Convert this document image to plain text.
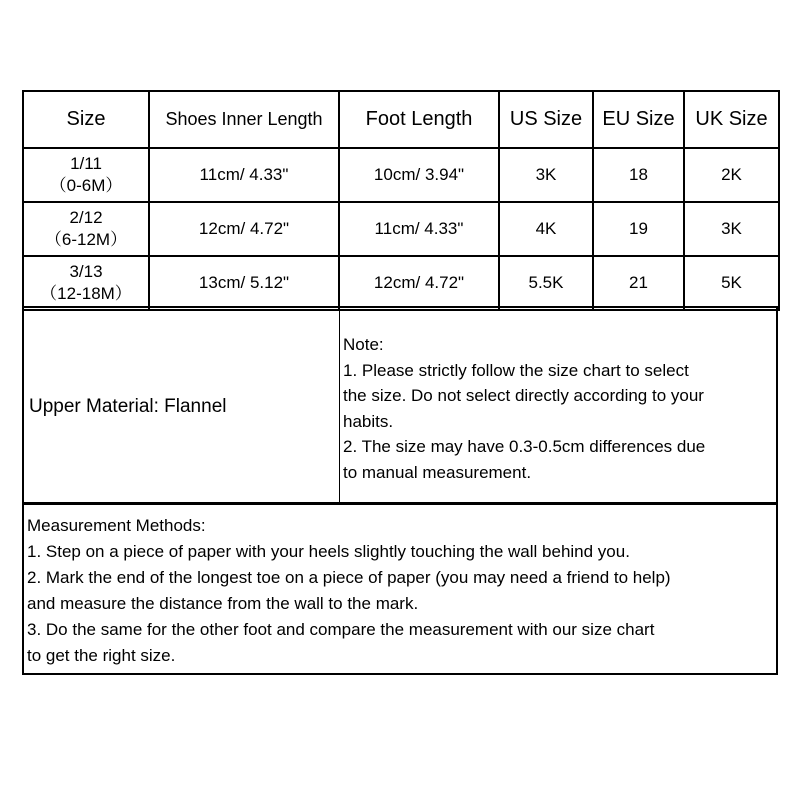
Size	Shoes Inner Length	Foot Length	US Size	EU Size	UK Size

1/11
（0-6M）	11cm/ 4.33"	10cm/ 3.94"	3K	18	2K

2/12
（6-12M）	12cm/ 4.72"	11cm/ 4.33"	4K	19	3K

3/13
（12-18M）	13cm/ 5.12"	12cm/ 4.72"	5.5K	21	5K
Upper Material: Flannel
Note:
1. Please strictly follow the size chart to select
the size. Do not select directly according to your
habits.
2. The size may have 0.3-0.5cm differences due
to manual measurement.
Measurement Methods:
1. Step on a piece of paper with your heels slightly touching the wall behind you.
2. Mark the end of the longest toe on a piece of paper (you may need a friend to help)
and measure the distance from the wall to the mark.
3. Do the same for the other foot and compare the measurement with our size chart
to get the right size.
